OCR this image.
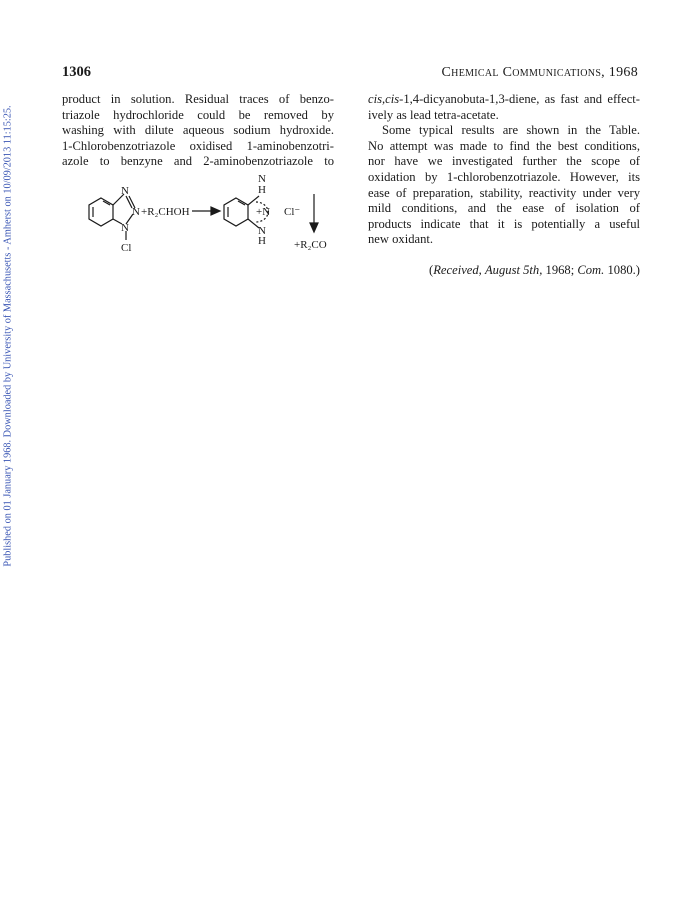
Published on 01 January 1968. Downloaded by University of Massachusetts - Amherst on 10/09/2013 11:15:25.
1306	Chemical Communications, 1968

product in solution. Residual traces of benzo-

triazole hydrochloride could be removed by

washing with dilute aqueous sodium hydroxide.

1-Chlorobenzotriazole oxidised 1-aminobenzotri-

azole to benzyne and 2-aminobenzotriazole to

N
N
N
Cl
+R₂CHOH
N
H
+N
N
H
Cl⁻
+R₂CO

cis,cis-1,4-dicyanobuta-1,3-diene, as fast and effect-

ively as lead tetra-acetate.

Some typical results are shown in the Table.

No attempt was made to find the best conditions,

nor have we investigated further the scope of

oxidation by 1-chlorobenzotriazole. However, its

ease of preparation, stability, reactivity under very

mild conditions, and the ease of isolation of

products indicate that it is potentially a useful

new oxidant.

(Received, August 5th, 1968; Com. 1080.)
